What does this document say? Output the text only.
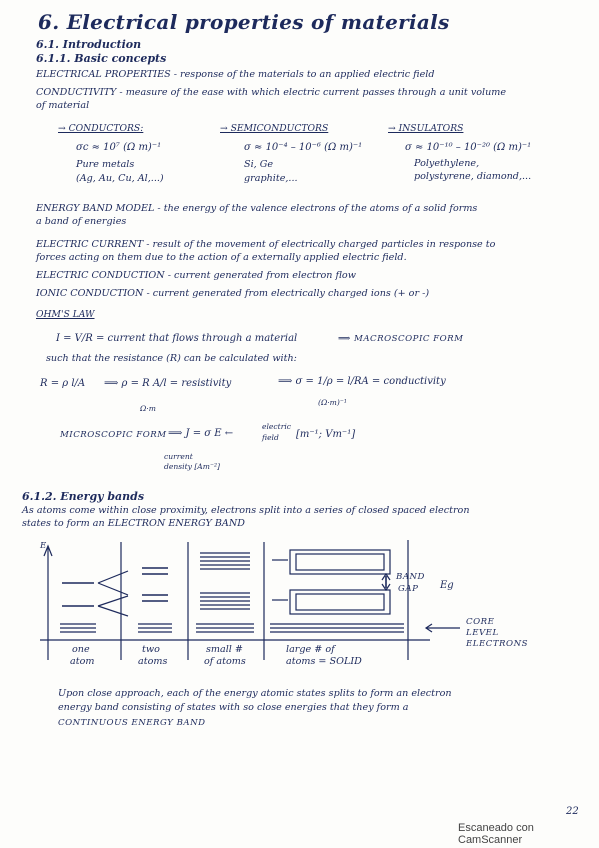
6. Electrical properties of materials
6.1. Introduction
6.1.1. Basic concepts
ELECTRICAL PROPERTIES - response of the materials to an applied electric field
CONDUCTIVITY - measure of the ease with which electric current passes through a unit volume
of material
→ CONDUCTORS:
σc ≈ 10⁷ (Ω m)⁻¹
Pure metals
(Ag, Au, Cu, Al,...)
→ SEMICONDUCTORS
σ ≈ 10⁻⁴ – 10⁻⁶ (Ω m)⁻¹
Si, Ge
graphite,...
→ INSULATORS
σ ≈ 10⁻¹⁰ – 10⁻²⁰ (Ω m)⁻¹
Polyethylene,
polystyrene, diamond,...
ENERGY BAND MODEL - the energy of the valence electrons of the atoms of a solid forms
a band of energies
ELECTRIC CURRENT - result of the movement of electrically charged particles in response to
forces acting on them due to the action of a externally applied electric field.
ELECTRIC CONDUCTION - current generated from electron flow
IONIC CONDUCTION - current generated from electrically charged ions (+ or -)
OHM'S LAW
I = V/R = current that flows through a material	⟹ MACROSCOPIC FORM
such that the resistance (R) can be calculated with:
R = ρ l/A ⟹ ρ = R A/l = resistivity	⟹ σ = 1/ρ = l/RA = conductivity
Ω·m
(Ω·m)⁻¹
MICROSCOPIC FORM ⟹ J = σ E ←
electric
field [m⁻¹; Vm⁻¹]
current
density [Am⁻²]
6.1.2. Energy bands
As atoms come within close proximity, electrons split into a series of closed spaced electron
states to form an ELECTRON ENERGY BAND
E
BAND
GAP Eg
CORE
LEVEL
ELECTRONS
one
atom
two
atoms
small #
of atoms
large # of
atoms = SOLID
Upon close approach, each of the energy atomic states splits to form an electron
energy band consisting of states with so close energies that they form a
CONTINUOUS ENERGY BAND
22
Escaneado con CamScanner
